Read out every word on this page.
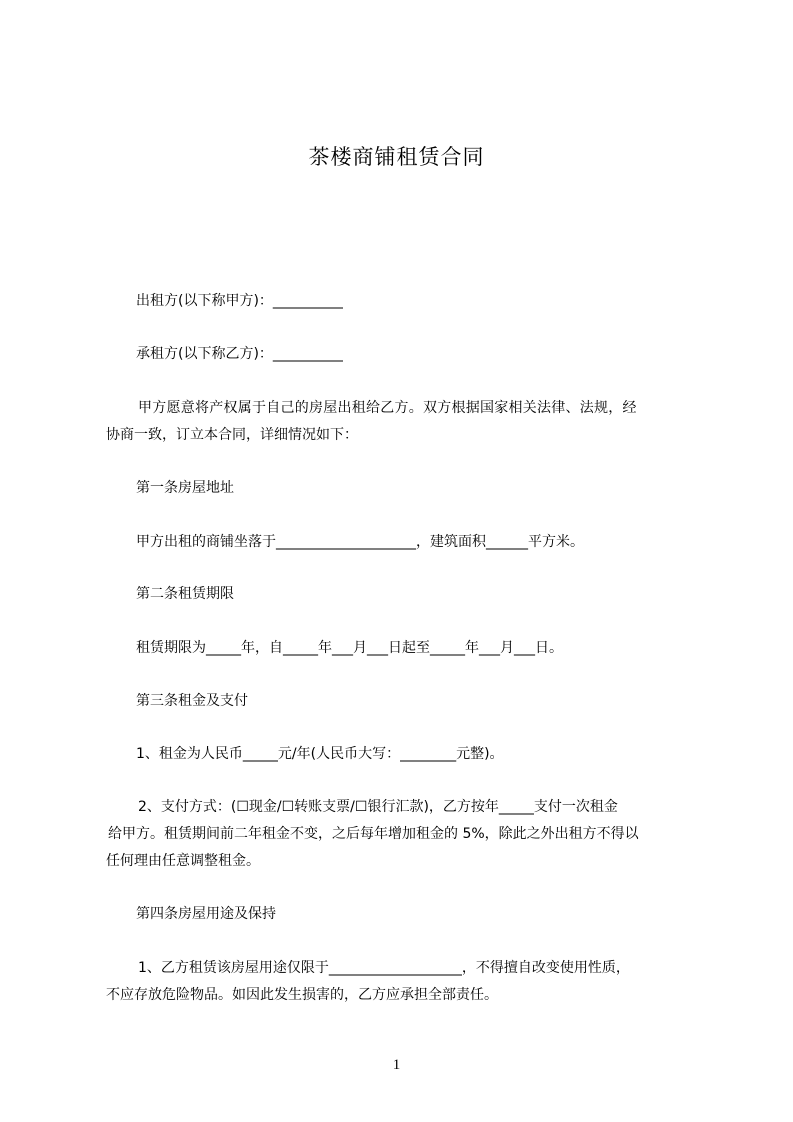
茶楼商铺租赁合同
出租方(以下称甲方)：__________
承租方(以下称乙方)：__________
甲方愿意将产权属于自己的房屋出租给乙方。双方根据国家相关法律、法规，经
协商一致，订立本合同，详细情况如下：
第一条房屋地址
甲方出租的商铺坐落于____________________，建筑面积______平方米。
第二条租赁期限
租赁期限为_____年，自_____年___月___日起至_____年___月___日。
第三条租金及支付
1、租金为人民币_____元/年(人民币大写：________元整)。
2、支付方式：(☐现金/☐转账支票/☐银行汇款)，乙方按年_____支付一次租金
给甲方。租赁期间前二年租金不变，之后每年增加租金的 5%，除此之外出租方不得以
任何理由任意调整租金。
第四条房屋用途及保持
1、乙方租赁该房屋用途仅限于___________________，不得擅自改变使用性质，
不应存放危险物品。如因此发生损害的，乙方应承担全部责任。
1
